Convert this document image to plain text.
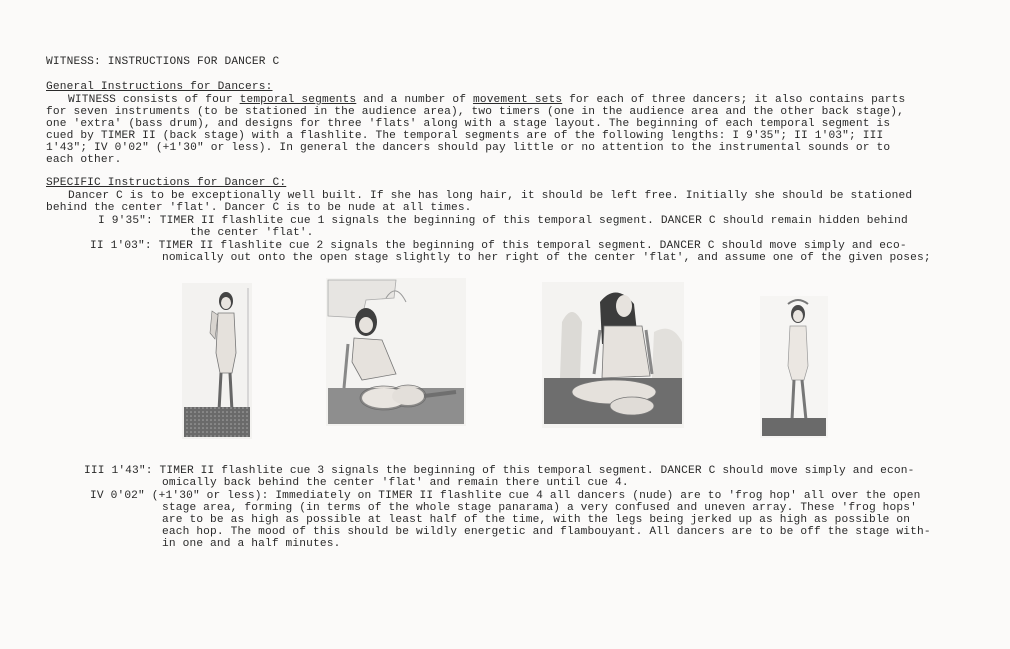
WITNESS: INSTRUCTIONS FOR DANCER C
General Instructions for Dancers:
WITNESS consists of four temporal segments and a number of movement sets for each of three dancers; it also contains parts
for seven instruments (to be stationed in the audience area), two timers (one in the audience area and the other back stage),
one 'extra' (bass drum), and designs for three 'flats' along with a stage layout. The beginning of each temporal segment is
cued by TIMER II (back stage) with a flashlite. The temporal segments are of the following lengths: I 9'35"; II 1'03"; III
1'43"; IV 0'02" (+1'30" or less). In general the dancers should pay little or no attention to the instrumental sounds or to
each other.
SPECIFIC Instructions for Dancer C:
Dancer C is to be exceptionally well built. If she has long hair, it should be left free. Initially she should be stationed
behind the center 'flat'. Dancer C is to be nude at all times.
I 9'35": TIMER II flashlite cue 1 signals the beginning of this temporal segment. DANCER C should remain hidden behind
the center 'flat'.
II 1'03": TIMER II flashlite cue 2 signals the beginning of this temporal segment. DANCER C should move simply and eco-
nomically out onto the open stage slightly to her right of the center 'flat', and assume one of the given poses;
III 1'43": TIMER II flashlite cue 3 signals the beginning of this temporal segment. DANCER C should move simply and econ-
omically back behind the center 'flat' and remain there until cue 4.
IV 0'02" (+1'30" or less): Immediately on TIMER II flashlite cue 4 all dancers (nude) are to 'frog hop' all over the open
stage area, forming (in terms of the whole stage panarama) a very confused and uneven array. These 'frog hops'
are to be as high as possible at least half of the time, with the legs being jerked up as high as possible on
each hop. The mood of this should be wildly energetic and flambouyant. All dancers are to be off the stage with-
in one and a half minutes.
